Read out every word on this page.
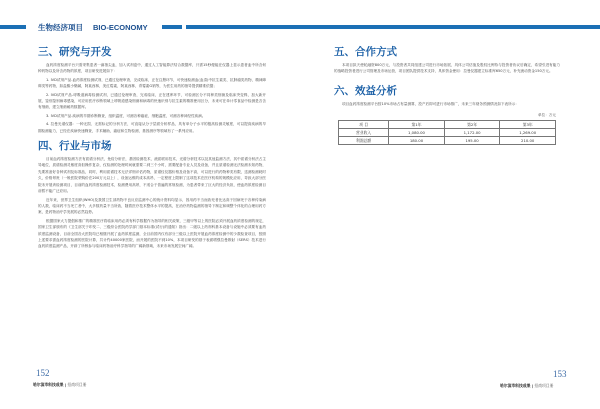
生物经济项目 BIO-ECONOMY
三、研究与开发

血药浓度检测平台只需采集患者一滴指尖血，加入试剂盒中，通过人工智能算法结合数据库，只需15秒便能在仪器上显示患者血中所含何种药物以及所含药物的浓度，项目研发进展如下：

1. IVD试剂产品-血药浓度检测试剂，已通过伦理审查，完成临床，正在注册环节，可快速检测血(血清)中抗生素类、抗肿瘤类药物，精神障碍类等药物，如盐酸小檗碱，阿莫西林，美红霉素，阿莫西林，青霉素G钠等，为医生用药的指导提供精准依据；

2. IVD试剂产品-呼吸道病毒检测试剂，已通过伦理审查，完成临床，正在建库环节，可检测区分不同种类细菌及临床突变株，加大新开展，鉴别鉴别病毒感染，可应用医疗诊断领域上呼吸道感染细菌和病毒的快速识别与抗生素的精准使用区分，未来可在单计零食品中检测是否含有细菌，建立细菌耐药数据库。

3. IVD试剂产品-疾病的早期诊断筛查，组织温度，可测各种癌症，细胞温度，可测各种神经性疾病。

4. 拉曼光谱仪器：一种无损、无需标记的分析方法，可直接从分子层面分析样品，具有单分子水平的极高检测灵敏度，可以提高疾病的早期检测能力，已经在疾病快速筛查，手术辅助，癌症和生物检测，基因测序等领域有了一系列应用。

四、行业与市场

目前血药浓度检测方法有质谱分析法，免疫分析法，基因检测技术，液质联用技术，光谱分析技术以及其他监测方法，其中质谱分析法占主导地位，质谱检测灵敏度高但操作复杂，仪检测的处理时间就需要二到三个小时，需要配备专业人员及设备，并且质谱检测无法检测未知药物，先要准备好各种试剂及标准品，同时，利用质谱技术无法详细评估药物，质谱仪仪器价格及设备不高，可以进行的药物种类有限，送测检测耗时久，价格昂贵（一般医院采购价在200万元以上），设备运维的成本高昂，一定程度上限制了这项技术在医疗机构的规模化应用，导致大部分医院未开展该检测项目，目前的血药浓度检测技术，检测费用高昂，不适合于普遍的常规检测，为患者带来了巨大的经济负担，使血药浓度检测目前暂不能广泛应用。

近年来，世界卫生组织(WHO)及我国卫生部药物不良反应监测中心的统计资料均显示，因用药不当而致死者比达高于因病死于各种传染病的人数，临床药不当死亡者中，大多数药量不当所致，随着医疗技术整体水平的提高，在治疗药物监测的指导下制定和调整个体化的合理用药方案，是药物治疗学发展的必然趋势。

根据国家大力提倡和推广的精准医疗将临床用药必须有科学数据作为指导的相关政策，三级甲等以上的医院必须开展血药浓度检测的规定，国家卫生部颁布的《卫生部关于印发二、三级综合医院药学部门基本标准(试行)的通知》指出：二级以上药剂科基本设备与设施中必须要有血药浓度监测设备，目前全国各大医院均已相继开展了血药浓度监测，全目前国内仅有部分三级以上医院开展血药浓度检测中的少数检查项目，按照上述要求需血药浓度检测的医院计算，共计约40000家医院，而开展的医院不到10%，本项目研发的基于表面增强拉曼散射（SERS）技术进行血药浓度监测产品，开辟了所核参与临床药物治疗科学指导的广阔新领域，未来市场发展空间广阔。

五、合作方式

本项目拟天使轮融资800万元，与投资者共同组建公司进行市场拓展，具体公司估值及股权比例待与投资者协议后确定，希望引进有能力的战略投资者进行公司管理及市场运营，项目团队提供技术支持，具体资金使用：拉曼仪器建立标准库650万元，补充流动资金150万元。

六、效益分析

项目血药浓度检测平台按10%市场占有量测算，投产后即可进行市场推广，未来三年财务预测情况如下表所示：

单位：万元
项 目	第1年	第2年	第3年
营业收入	1,080.00	1,172.00	1,269.00
利润总额	180.00	195.00	210.00
152
哈尔滨市科技成果 | 招商项目册
153
哈尔滨市科技成果 | 招商项目册
